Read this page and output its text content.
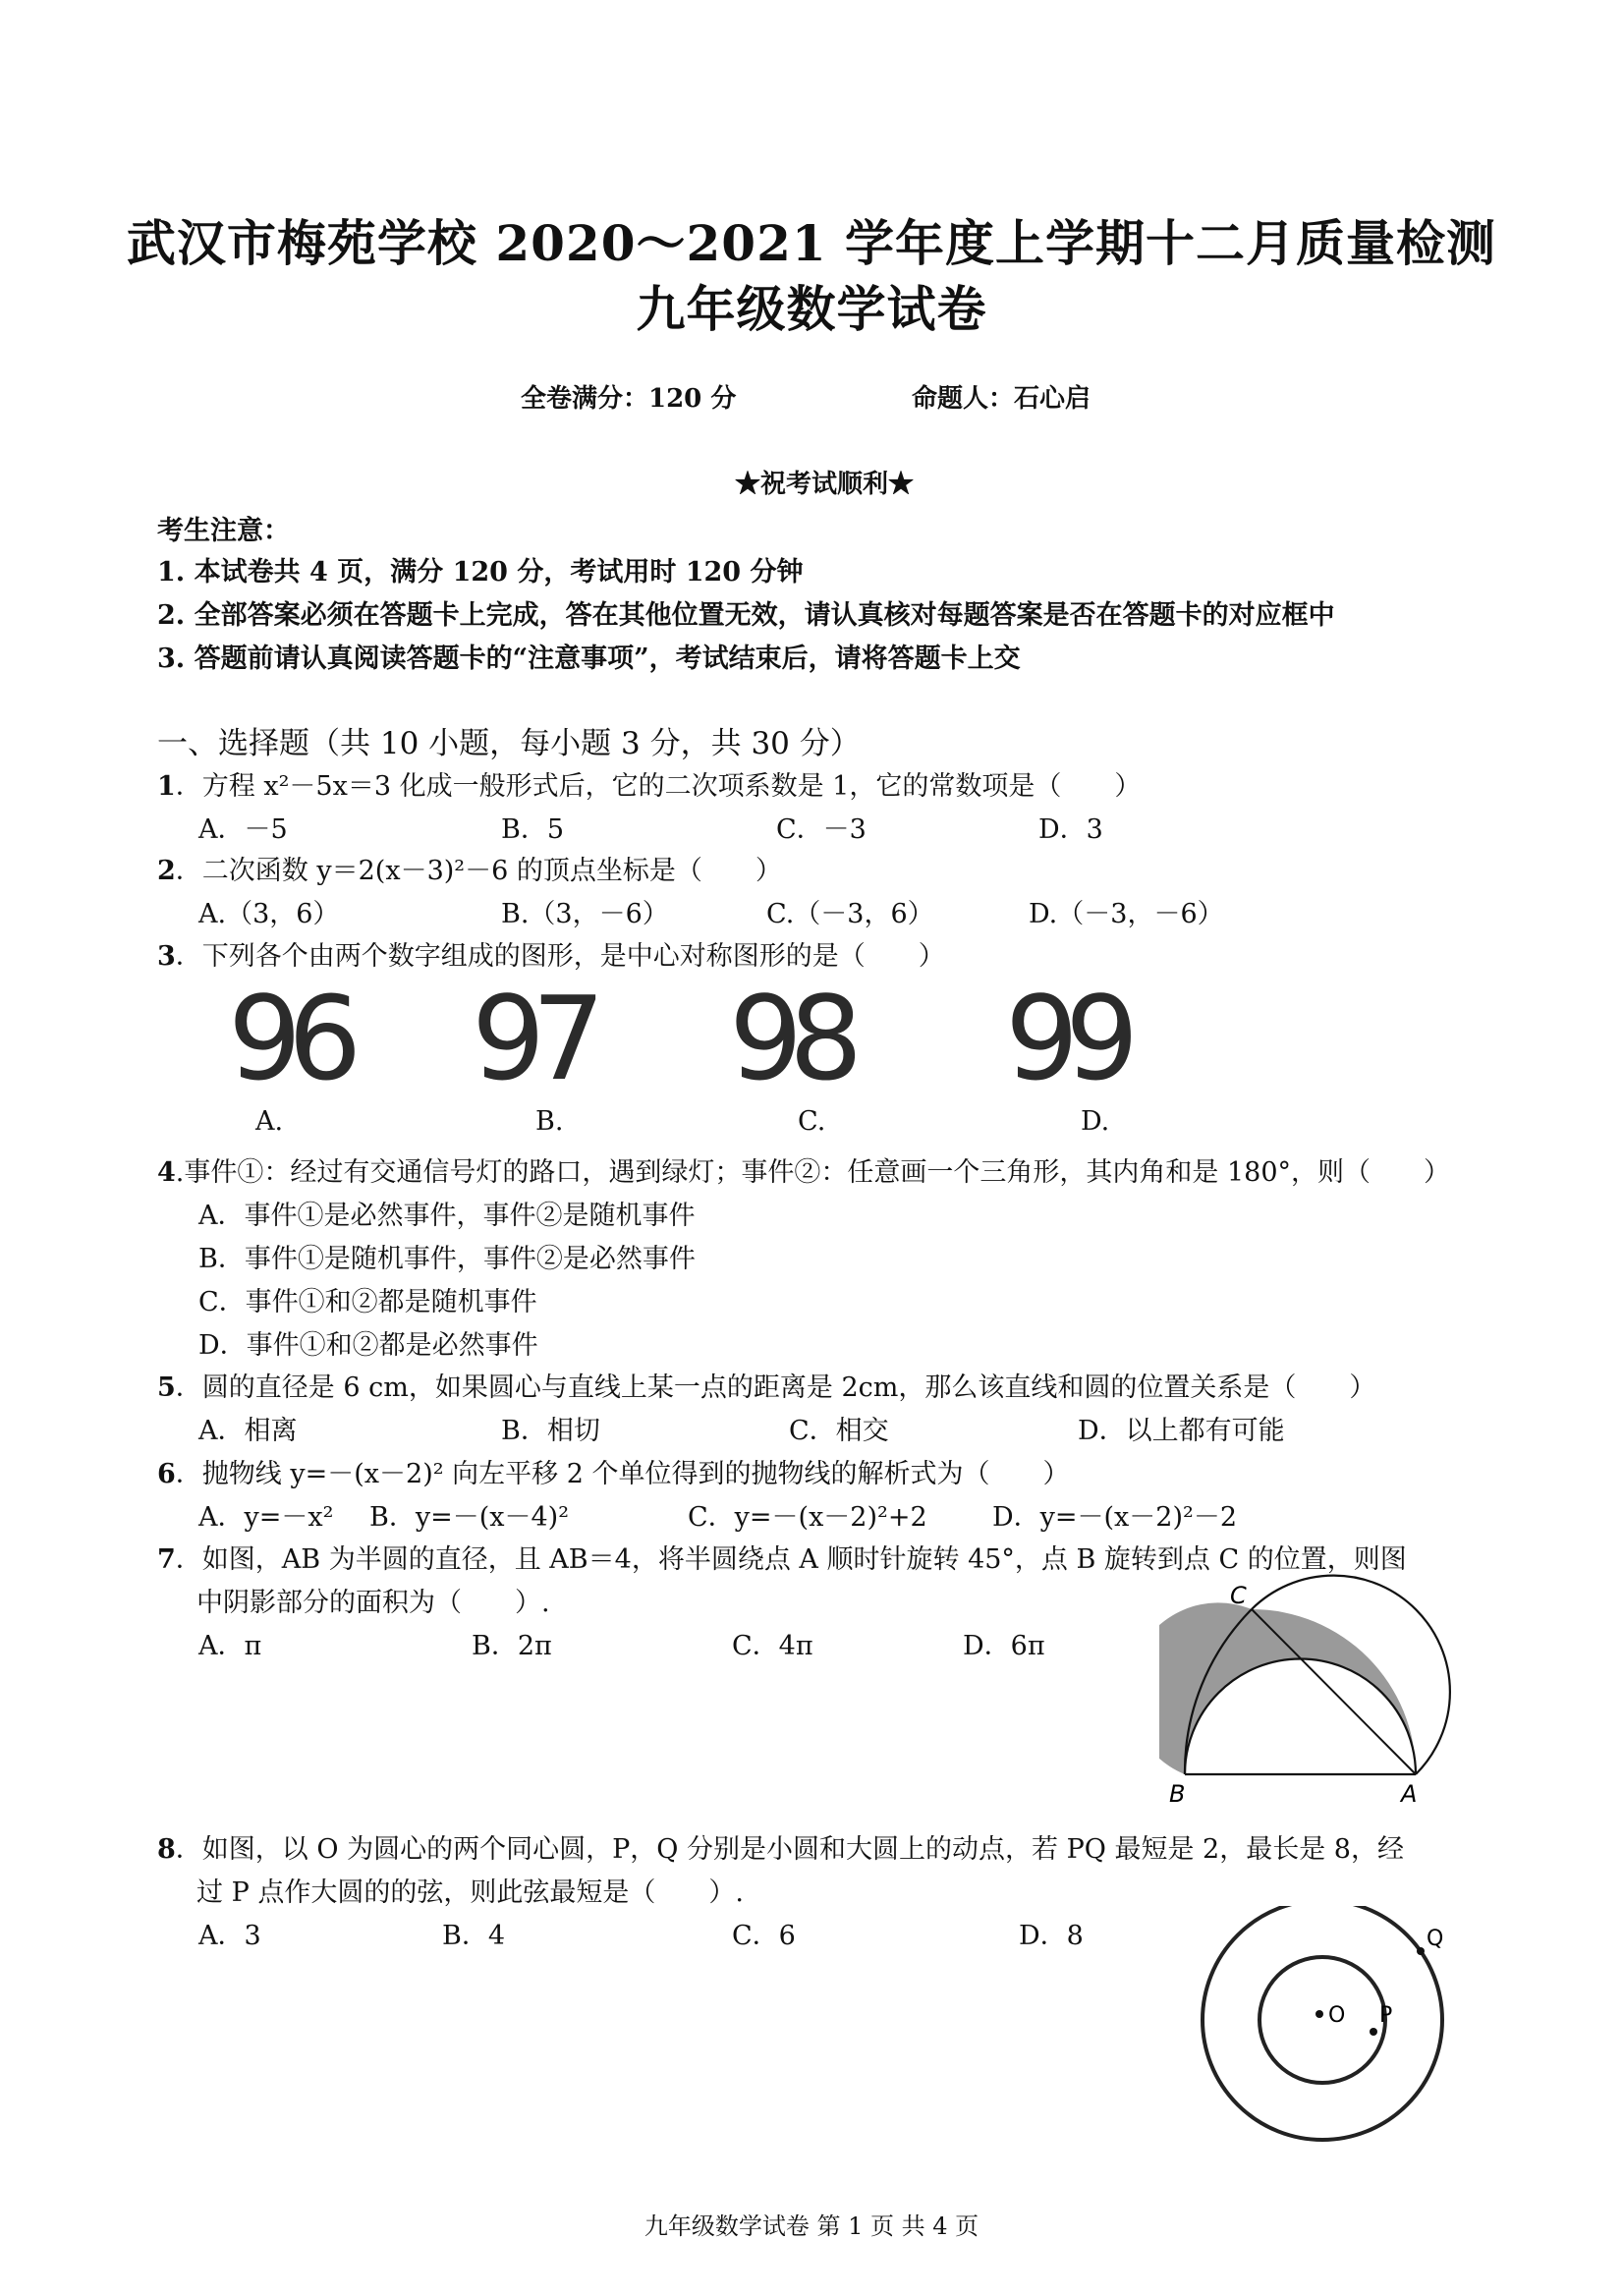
武汉市梅苑学校 2020～2021 学年度上学期十二月质量检测
九年级数学试卷
全卷满分：120 分	命题人：石心启
★祝考试顺利★
考生注意：
1. 本试卷共 4 页，满分 120 分，考试用时 120 分钟
2. 全部答案必须在答题卡上完成，答在其他位置无效，请认真核对每题答案是否在答题卡的对应框中
3. 答题前请认真阅读答题卡的“注意事项”，考试结束后，请将答题卡上交
一、选择题（共 10 小题，每小题 3 分，共 30 分）
1．方程 x²－5x＝3 化成一般形式后，它的二次项系数是 1，它的常数项是（　　）
A．－5	B．5	C．－3	D．3
2．二次函数 y＝2(x－3)²－6 的顶点坐标是（　　）
A.（3，6）	B.（3，－6）	C.（－3，6）	D.（－3，－6）
3．下列各个由两个数字组成的图形，是中心对称图形的是（　　）
96 97 98 99
A.	B.	C.	D.
4.事件①：经过有交通信号灯的路口，遇到绿灯；事件②：任意画一个三角形，其内角和是 180°，则（　　）
A．事件①是必然事件，事件②是随机事件
B．事件①是随机事件，事件②是必然事件
C．事件①和②都是随机事件
D．事件①和②都是必然事件
5．圆的直径是 6 cm，如果圆心与直线上某一点的距离是 2cm，那么该直线和圆的位置关系是（　　）
A．相离	B．相切	C．相交	D．以上都有可能
6．抛物线 y=－(x－2)² 向左平移 2 个单位得到的抛物线的解析式为（　　）
A．y=－x² B．y=－(x－4)²	C．y=－(x－2)²+2 D．y=－(x－2)²－2
7．如图，AB 为半圆的直径，且 AB＝4，将半圆绕点 A 顺时针旋转 45°，点 B 旋转到点 C 的位置，则图
中阴影部分的面积为（　　）.
A．π	B．2π	C．4π	D．6π
C
B	A
8．如图，以 O 为圆心的两个同心圆，P，Q 分别是小圆和大圆上的动点，若 PQ 最短是 2，最长是 8，经
过 P 点作大圆的的弦，则此弦最短是（　　）.
A．3	B．4	C．6	D．8
O P
Q
九年级数学试卷 第 1 页 共 4 页
